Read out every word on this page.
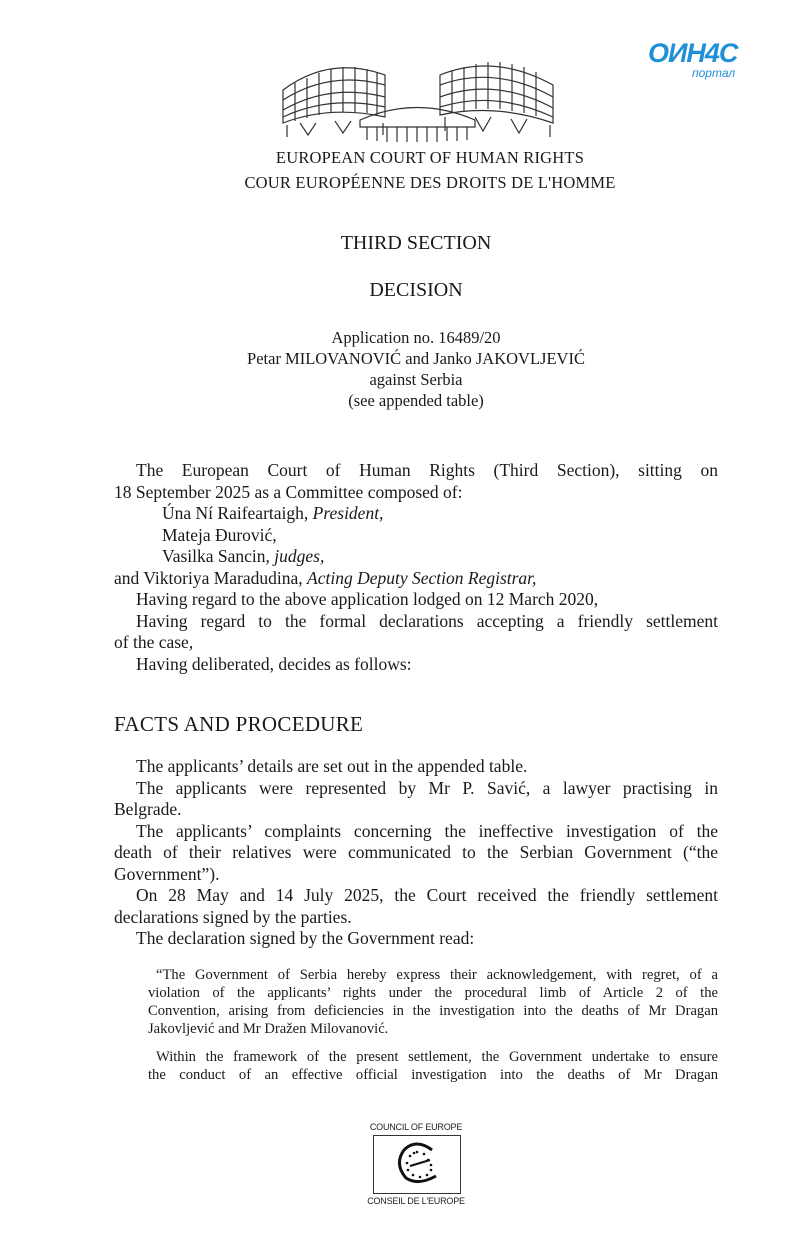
ОИН4С
портал
EUROPEAN COURT OF HUMAN RIGHTS
COUR EUROPÉENNE DES DROITS DE L'HOMME
THIRD SECTION
DECISION
Application no. 16489/20
Petar MILOVANOVIĆ and Janko JAKOVLJEVIĆ
against Serbia
(see appended table)
The European Court of Human Rights (Third Section), sitting on
18 September 2025 as a Committee composed of:
Úna Ní Raifeartaigh, President,
Mateja Đurović,
Vasilka Sancin, judges,
and Viktoriya Maradudina, Acting Deputy Section Registrar,
Having regard to the above application lodged on 12 March 2020,
Having regard to the formal declarations accepting a friendly settlement
of the case,
Having deliberated, decides as follows:
FACTS AND PROCEDURE
The applicants’ details are set out in the appended table.
The applicants were represented by Mr P. Savić, a lawyer practising in
Belgrade.
The applicants’ complaints concerning the ineffective investigation of the
death of their relatives were communicated to the Serbian Government (“the
Government”).
On 28 May and 14 July 2025, the Court received the friendly settlement
declarations signed by the parties.
The declaration signed by the Government read:
“The Government of Serbia hereby express their acknowledgement, with regret, of a
violation of the applicants’ rights under the procedural limb of Article 2 of the
Convention, arising from deficiencies in the investigation into the deaths of Mr Dragan
Jakovljević and Mr Dražen Milovanović.
Within the framework of the present settlement, the Government undertake to ensure
the conduct of an effective official investigation into the deaths of Mr Dragan
COUNCIL OF EUROPE
CONSEIL DE L'EUROPE
